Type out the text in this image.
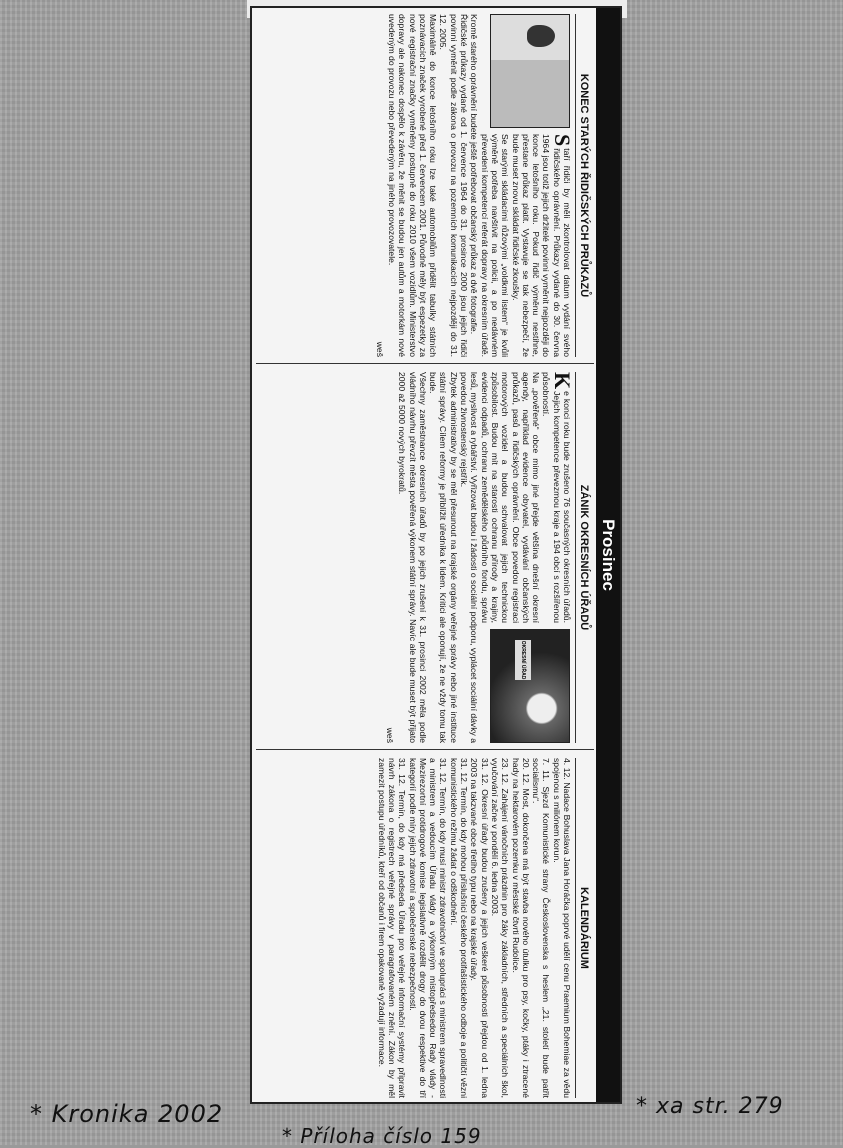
Prosinec
KONEC STARÝCH ŘIDIČSKÝCH PRŮKAZŮ
S

taří řidiči by měli zkontrolovat datum vydání svého řidičského oprávnění. Průkazy vydané do 30. června 1964 jsou totiž jejich držitelé povinni vyměnit nejpozději do konce letošního roku. Pokud řidič výměnu nestihne, přestane průkaz platit. Vystavuje se tak nebezpečí, že bude muset znovu skládat řidičské zkoušky.
Se starými skládacími růžovými „voldkmi listem“ je kvůli výměně potřeba navštívit na policii, a po nedávném převedení kompetencí referát dopravy na okresním úřadě. Kromě starého oprávnění budete ještě potřebovat občanský průkaz a dvě fotografie.
Řidičské průkazy vydané od 1. července 1964 do 31. prosince 2000 jsou jejich řidiči povinni vyměnit podle zákona o provozu na pozemních komunikacích nejpozději do 31. 12. 2005.
Maximálně do konce letošního roku lze také automobilům přidělit tabulky státních poznávacích značek vyrobené před 1. červencem 2001. Původně měly být espezetky za nové registrační značky vyměněny postupně do roku 2010 všem vozidlům. Ministerstvo dopravy ale nakonec dospělo k závěru, že měnit se budou jen autům a motorkám nové uvedeným do provozu nebo převedeným na jiného provozovatele.

weš
ZÁNIK OKRESNÍCH ÚŘADŮ
OKRESNÍ ÚŘAD
K

e konci roku bude zrušeno 76 současných okresních úřadů. Jejich kompetence převezmou kraje a 194 obcí s rozšířenou působností.
Na „pověřené“ obce mimo jiné přejde většina dnešní okresní agendy, například evidence obyvatel, vydávání občanských průkazů, pasů a řidičských oprávnění. Obce povedou registraci motorových vozidel a budou schvalovat jejich technickou způsobilost. Budou mít na starosti ochranu přírody a krajiny, evidenci odpadů, ochranu zemědělského půdního fondu, správu lesů, myslivost a rybářství. Vyřizovat budou i žádosti o sociální podporu, vyplácet sociální dávky a povedou živnostenský rejstřík.
Zbytek administrativy by se měl přesunout na krajské orgány veřejné správy nebo jiné instituce státní správy. Cílem reformy je přiblížit úředníka k lidem. Kritici ale oponují, že ne vždy tomu tak bude.
Všechny zaměstnance okresních úřadů by po jejich zrušení k 31. prosinci 2002 měla podle vládního návrhu převzít města pověřená výkonem státní správy. Navíc ale bude muset být přijato 2000 až 5000 nových byrokratů.

weš
KALENDÁRIUM

4. 12. Nadace Bohuslava Jana Horáčka poprvé udělí cenu Praemium Bohemiae za vědu spojenou s miliónem korun.
7. 11. Sjezd Komunistické strany Československa s heslem „21. století bude patřit socialismu“.
20. 12. Most, dokončena má být stavba nového útulku pro psy, kočky, ptáky i ztracené hady na hektarovém pozemku v městské čtvrti Rudolice.
23. 12. Zahájení vánočních prázdnin pro žáky základních, středních a speciálních škol, vyučování začne v pondělí 6. ledna 2003.
31. 12. Okresní úřady budou zrušeny a jejich veškeré působnosti přejdou od 1. ledna 2003 na takzvané obce třetího typu nebo na krajské úřady.
31. 12. Termín, do kdy mohou příslušníci českého protifašistického odboje a političtí vězni komunistického režimu žádat o odškodnění.
31. 12. Termín, do kdy musí ministr zdravotnictví ve spolupráci s ministrem spravedlnosti a ministrem a vedoucím Úřadu vlády a výkonným místopředsedou Rady vlády - Mezirezortní protidrogové komise legislativně rozdělit drogy do dvou respektive do tří kategorií podle míry jejich zdravotní a společenské nebezpečnosti.
31. 12. Termín, do kdy má předseda Úřadu pro veřejné informační systémy připravit návrh zákona o registrech veřejné správy v paragrafovaném znění. Zákon by měl zamezit postupu úředníků, kteří od občanů i firem opakovaně vyžadují informace.

* Kronika 2002	* xa str. 279
* Příloha číslo 159
